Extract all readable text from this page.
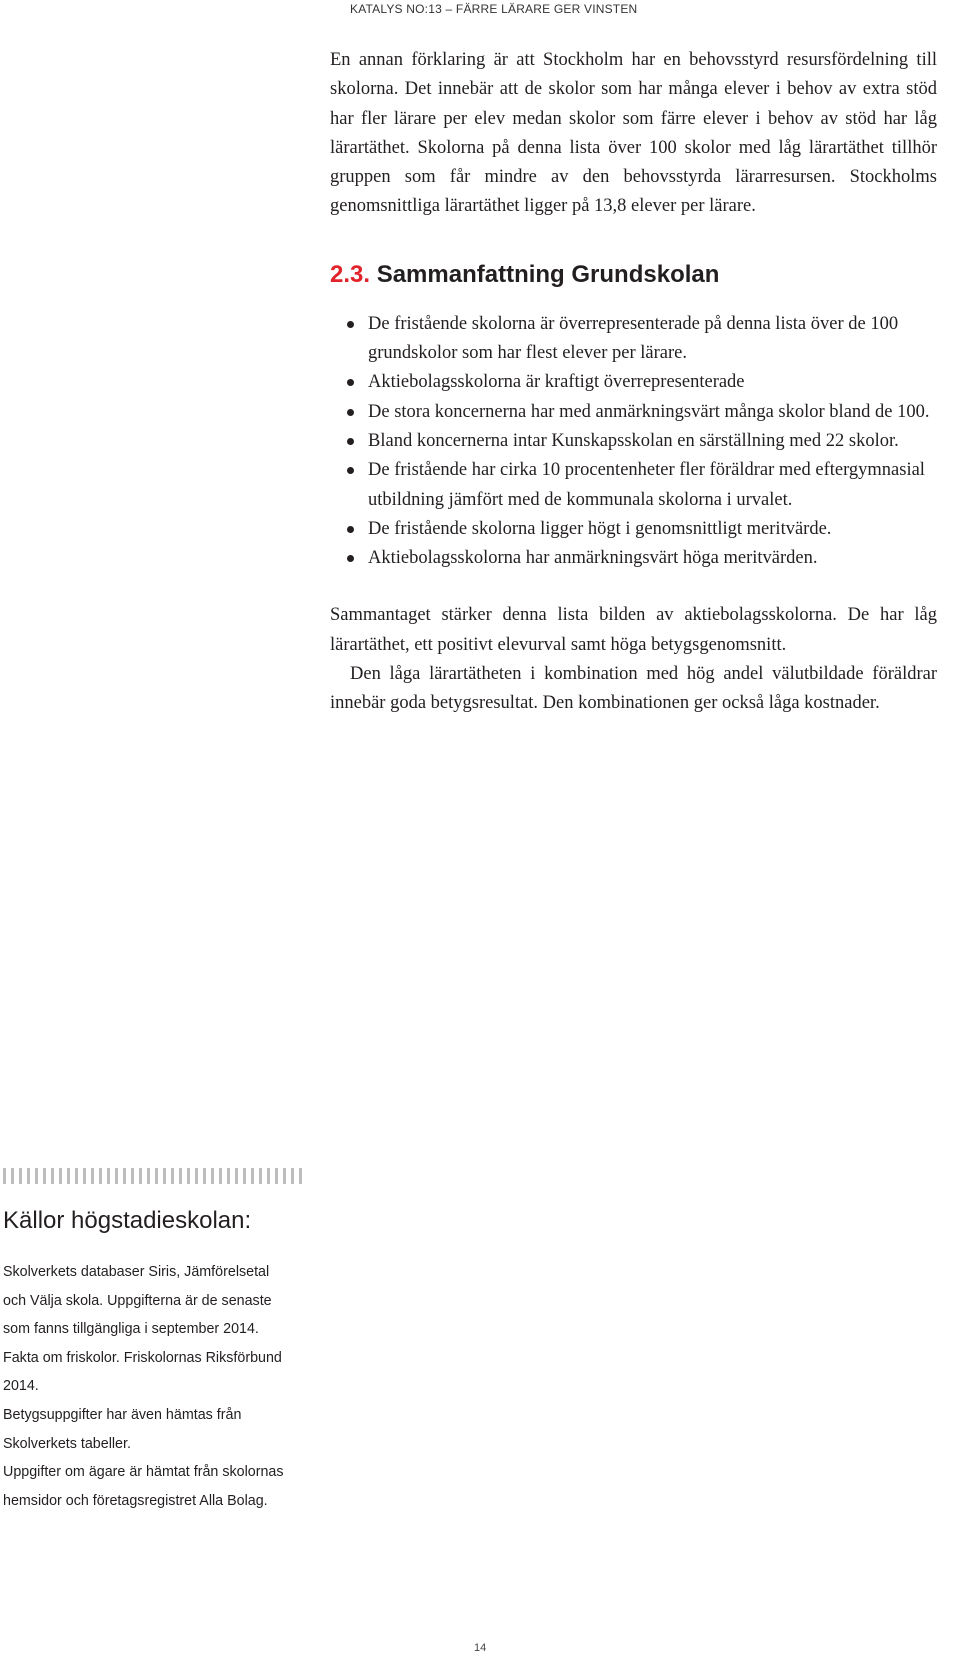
KATALYS NO:13 – FÄRRE LÄRARE GER VINSTEN

En annan förklaring är att Stockholm har en behovsstyrd resursfördelning till skolorna. Det innebär att de skolor som har många elever i behov av extra stöd har fler lärare per elev medan skolor som färre elever i behov av stöd har låg lärartäthet. Skolorna på denna lista över 100 skolor med låg lärartäthet tillhör gruppen som får mindre av den behovsstyrda lärarresursen. Stockholms genomsnittliga lärartäthet ligger på 13,8 elever per lärare.

2.3. Sammanfattning Grundskolan
De fristående skolorna är överrepresenterade på denna lista över de 100 grundskolor som har flest elever per lärare.
Aktiebolagsskolorna är kraftigt överrepresenterade
De stora koncernerna har med anmärkningsvärt många skolor bland de 100.
Bland koncernerna intar Kunskapsskolan en särställning med 22 skolor.
De fristående har cirka 10 procentenheter fler föräldrar med eftergymnasial utbildning jämfört med de kommunala skolorna i urvalet.
De fristående skolorna ligger högt i genomsnittligt meritvärde.
Aktiebolagsskolorna har anmärkningsvärt höga meritvärden.

Sammantaget stärker denna lista bilden av aktiebolagsskolorna. De har låg lärartäthet, ett positivt elevurval samt höga betygsgenomsnitt.

Den låga lärartätheten i kombination med hög andel välutbildade föräldrar innebär goda betygsresultat. Den kombinationen ger också låga kostnader.

Källor högstadieskolan:
Skolverkets databaser Siris, Jämförelsetal och Välja skola. Uppgifterna är de senaste som fanns tillgängliga i september 2014.
Fakta om friskolor. Friskolornas Riksförbund 2014.
Betygsuppgifter har även hämtas från Skolverkets tabeller.
Uppgifter om ägare är hämtat från skolornas hemsidor och företagsregistret Alla Bolag.
14
